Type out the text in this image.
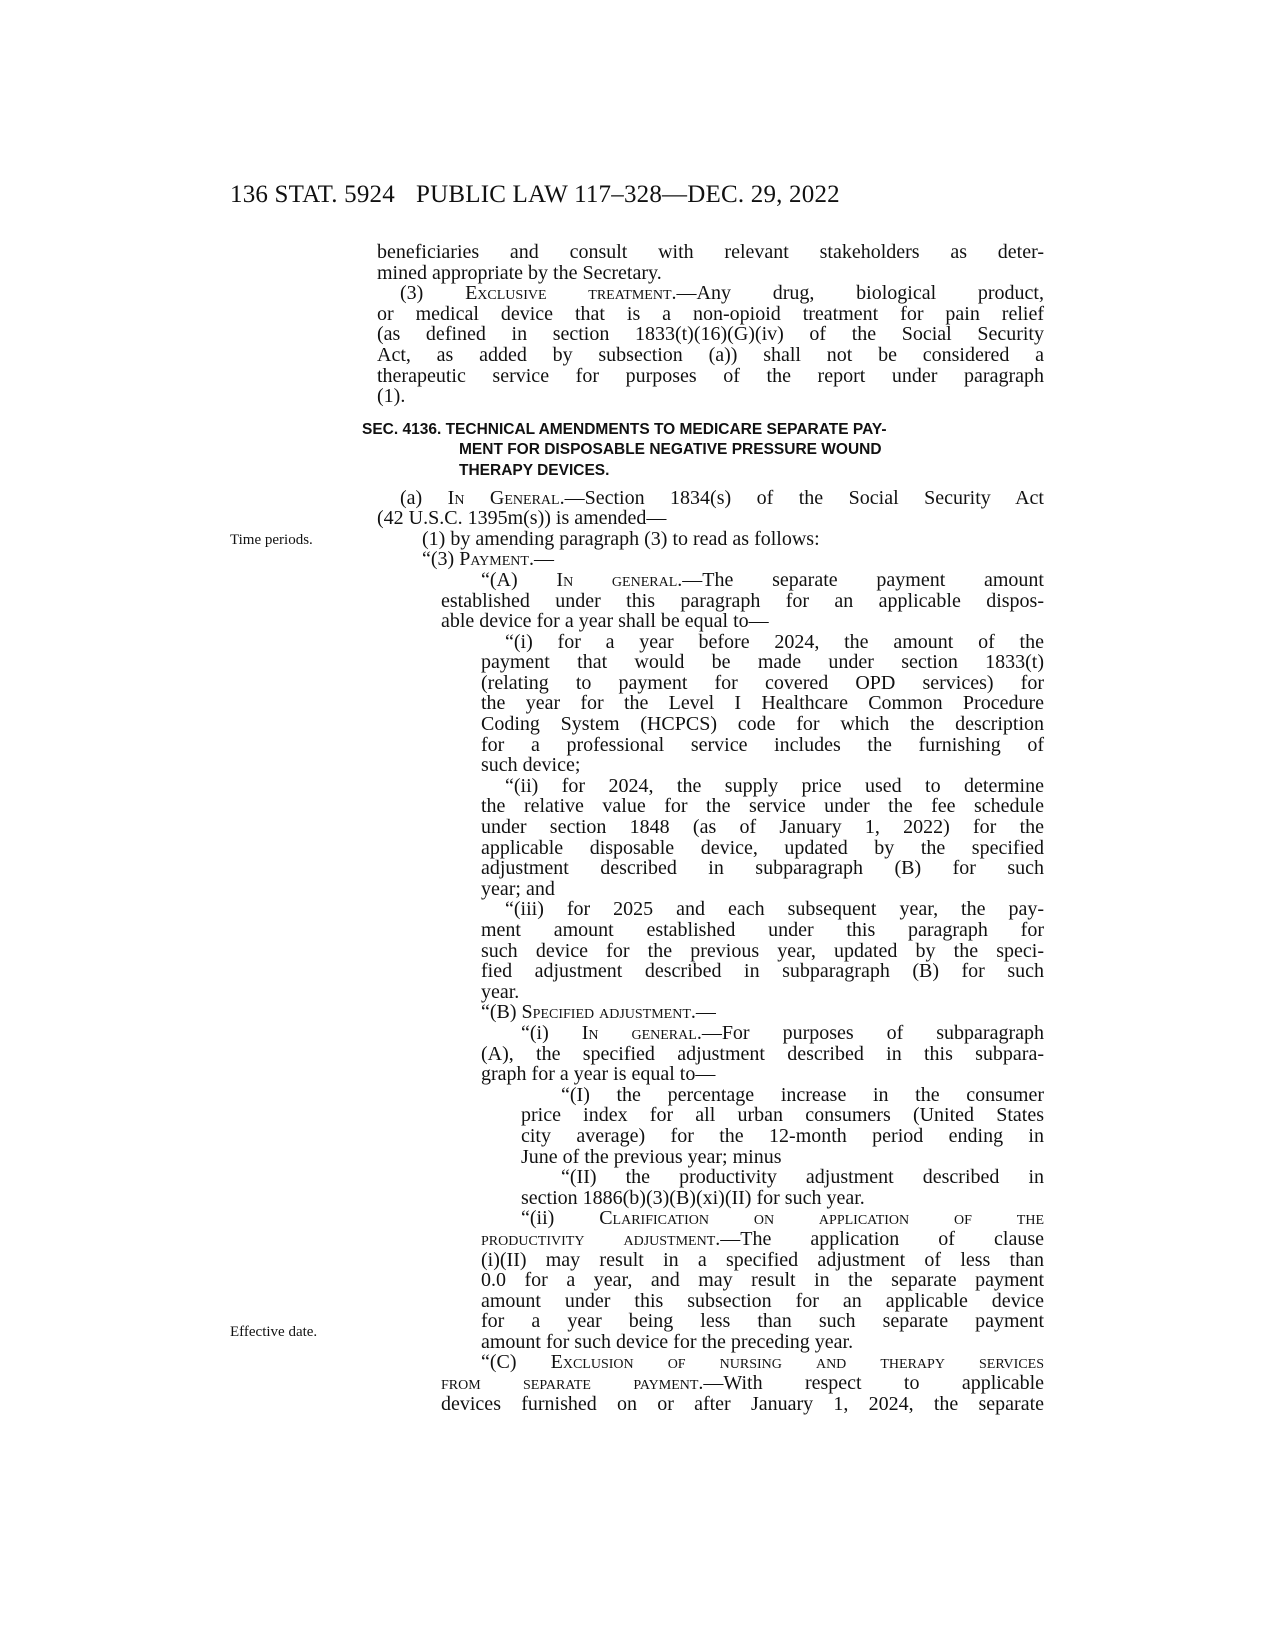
136 STAT. 5924 PUBLIC LAW 117–328—DEC. 29, 2022
Time periods.
Effective date.
beneficiaries and consult with relevant stakeholders as deter-
mined appropriate by the Secretary.
(3) Exclusive treatment.—Any drug, biological product,
or medical device that is a non-opioid treatment for pain relief
(as defined in section 1833(t)(16)(G)(iv) of the Social Security
Act, as added by subsection (a)) shall not be considered a
therapeutic service for purposes of the report under paragraph
(1).
SEC. 4136. TECHNICAL AMENDMENTS TO MEDICARE SEPARATE PAY-
MENT FOR DISPOSABLE NEGATIVE PRESSURE WOUND
THERAPY DEVICES.
(a) In General.—Section 1834(s) of the Social Security Act
(42 U.S.C. 1395m(s)) is amended—
(1) by amending paragraph (3) to read as follows:
“(3) Payment.—
“(A) In general.—The separate payment amount
established under this paragraph for an applicable dispos-
able device for a year shall be equal to—
“(i) for a year before 2024, the amount of the
payment that would be made under section 1833(t)
(relating to payment for covered OPD services) for
the year for the Level I Healthcare Common Procedure
Coding System (HCPCS) code for which the description
for a professional service includes the furnishing of
such device;
“(ii) for 2024, the supply price used to determine
the relative value for the service under the fee schedule
under section 1848 (as of January 1, 2022) for the
applicable disposable device, updated by the specified
adjustment described in subparagraph (B) for such
year; and
“(iii) for 2025 and each subsequent year, the pay-
ment amount established under this paragraph for
such device for the previous year, updated by the speci-
fied adjustment described in subparagraph (B) for such
year.
“(B) Specified adjustment.—
“(i) In general.—For purposes of subparagraph
(A), the specified adjustment described in this subpara-
graph for a year is equal to—
“(I) the percentage increase in the consumer
price index for all urban consumers (United States
city average) for the 12-month period ending in
June of the previous year; minus
“(II) the productivity adjustment described in
section 1886(b)(3)(B)(xi)(II) for such year.
“(ii) Clarification on application of the
productivity adjustment.—The application of clause
(i)(II) may result in a specified adjustment of less than
0.0 for a year, and may result in the separate payment
amount under this subsection for an applicable device
for a year being less than such separate payment
amount for such device for the preceding year.
“(C) Exclusion of nursing and therapy services
from separate payment.—With respect to applicable
devices furnished on or after January 1, 2024, the separate
